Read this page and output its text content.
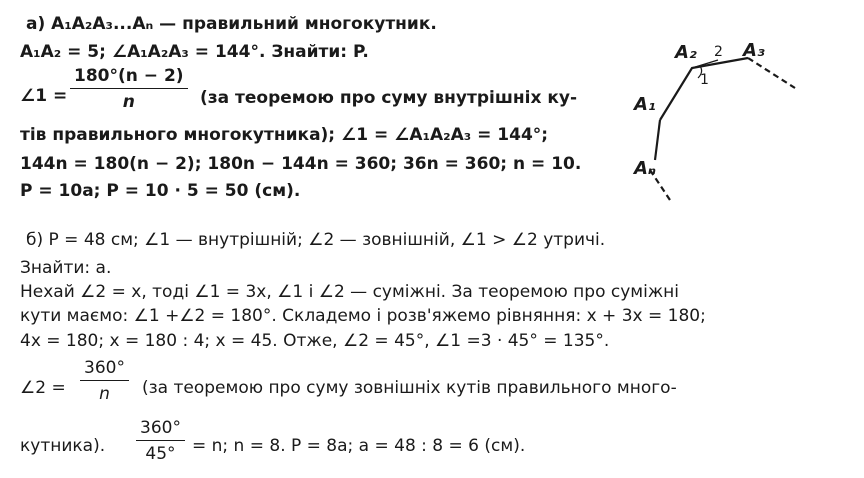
а) A₁A₂A₃...Aₙ — правильний многокутник.
A₁A₂ = 5; ∠A₁A₂A₃ = 144°. Знайти: P.
∠1 = $\frac{180^\circ(n - 2)}{n} (за$ теоремою про суму внутрішніх ку-
тів правильного многокутника); ∠1 = ∠A₁A₂A₃ = 144°;
144n = 180(n − 2); 180n − 144n = 360; 36n = 360; n = 10.
P = 10a; P = 10 · 5 = 50 (см).
A₁
A₂	A₃
Aₙ
1
2
б) P = 48 см; ∠1 — внутрішній; ∠2 — зовнішній, ∠1 > ∠2 утричі.
Знайти: a.
Нехай ∠2 = x, тоді ∠1 = 3x, ∠1 і ∠2 — суміжні. За теоремою про суміжні
кути маємо: ∠1 +∠2 = 180°. Складемо і розв'яжемо рівняння: x + 3x = 180;
4x = 180; x = 180 : 4; x = 45. Отже, ∠2 = 45°, ∠1 =3 · 45° = 135°.
∠2 = $\frac{360^\circ}{n} (за$ теоремою про суму зовнішніх кутів правильного много-
кутника). $\frac{360^\circ}{45^\circ} = n$; n = 8. P = 8a; a = 48 : 8 = 6 (см).
